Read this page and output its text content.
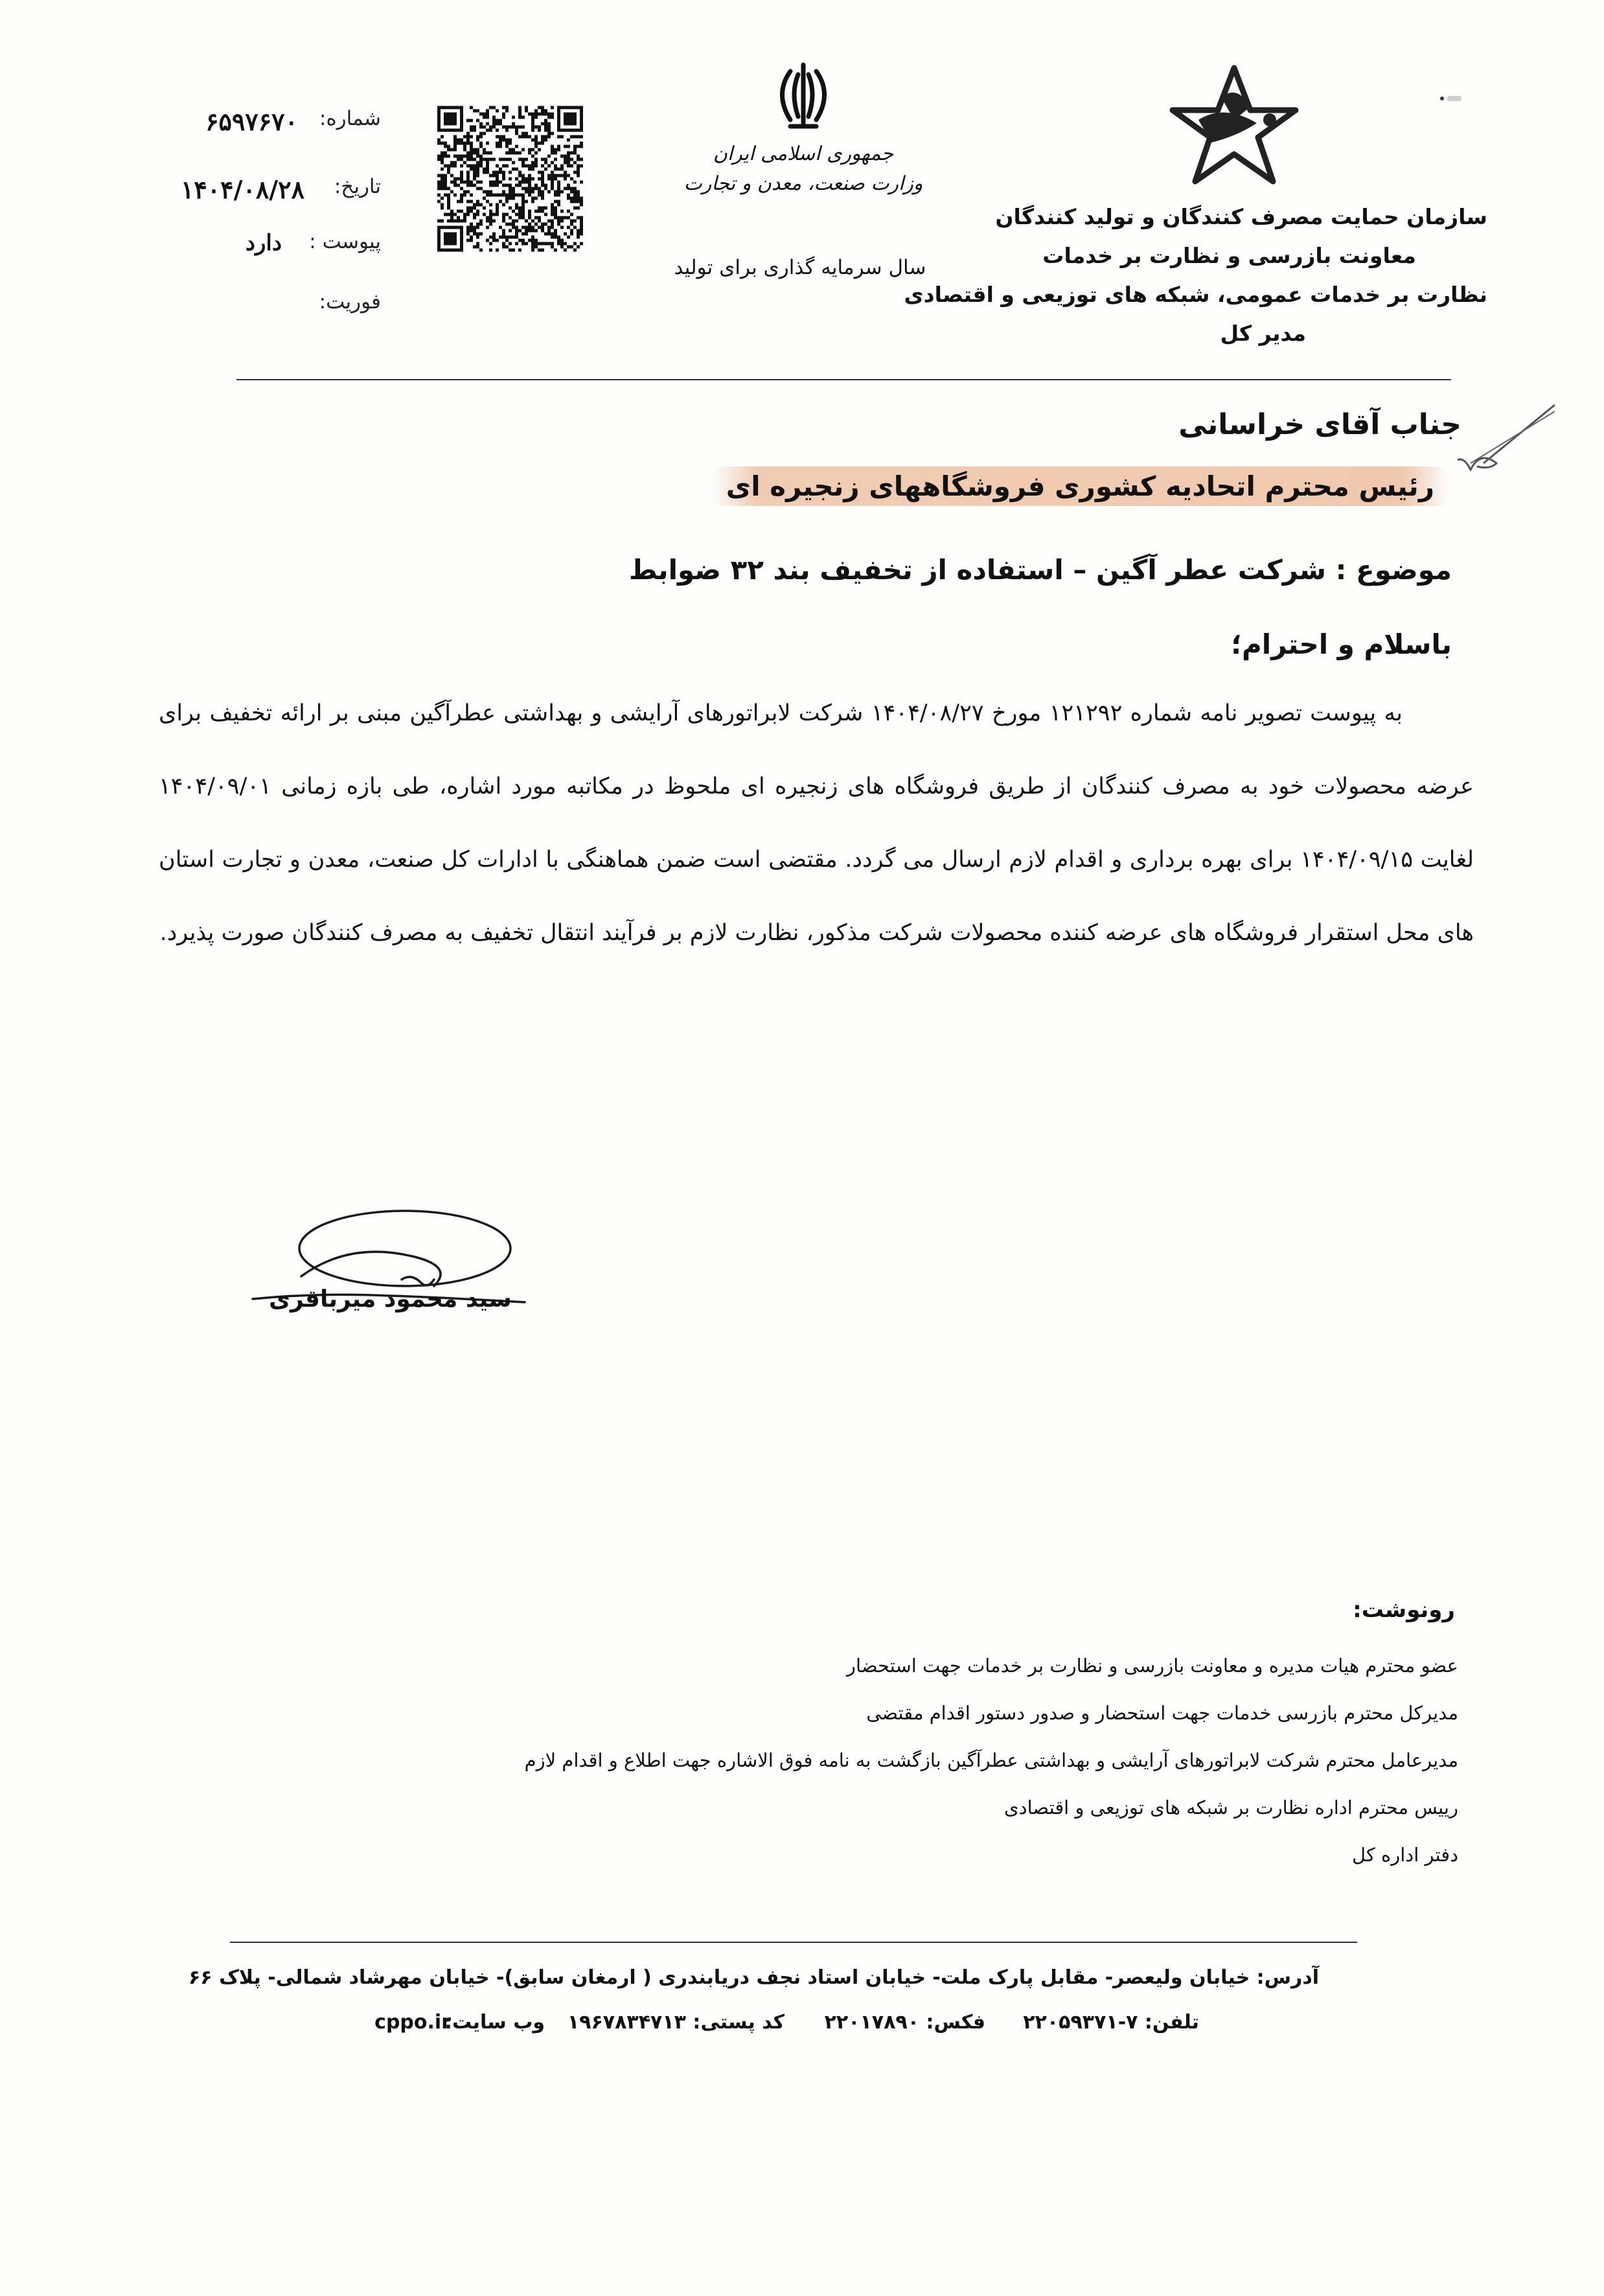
سازمان حمایت مصرف کنندگان و تولید کنندگان
معاونت بازرسی و نظارت بر خدمات
نظارت بر خدمات عمومی، شبکه های توزیعی و اقتصادی
مدیر کل
جمهوری اسلامی ایران
وزارت صنعت، معدن و تجارت
سال سرمایه گذاری برای تولید
شماره:
۶۵۹۷۶۷۰
تاریخ:
۱۴۰۴/۰۸/۲۸
پیوست :
دارد
فوریت:
جناب آقای خراسانی
رئیس محترم اتحادیه کشوری فروشگاههای زنجیره ای
موضوع : شرکت عطر آگین – استفاده از تخفیف بند ۳۲ ضوابط
باسلام و احترام؛

به پیوست تصویر نامه شماره ۱۲۱۲۹۲ مورخ ۱۴۰۴/۰۸/۲۷ شرکت لابراتورهای آرایشی و بهداشتی عطرآگین مبنی بر ارائه تخفیف برای عرضه محصولات خود به مصرف کنندگان از طریق فروشگاه های زنجیره ای ملحوظ در مکاتبه مورد اشاره، طی بازه زمانی ۱۴۰۴/۰۹/۰۱ لغایت ۱۴۰۴/۰۹/۱۵ برای بهره برداری و اقدام لازم ارسال می گردد. مقتضی است ضمن هماهنگی با ادارات کل صنعت، معدن و تجارت استان های محل استقرار فروشگاه های عرضه کننده محصولات شرکت مذکور، نظارت لازم بر فرآیند انتقال تخفیف به مصرف کنندگان صورت پذیرد.

سید محمود میرباقری
رونوشت:
عضو محترم هیات مدیره و معاونت بازرسی و نظارت بر خدمات جهت استحضار
مدیرکل محترم بازرسی خدمات جهت استحضار و صدور دستور اقدام مقتضی
مدیرعامل محترم شرکت لابراتورهای آرایشی و بهداشتی عطرآگین بازگشت به نامه فوق الاشاره جهت اطلاع و اقدام لازم
رییس محترم اداره نظارت بر شبکه های توزیعی و اقتصادی
دفتر اداره کل
آدرس: خیابان ولیعصر- مقابل پارک ملت- خیابان استاد نجف دریابندری ( ارمغان سابق)- خیابان مهرشاد شمالی- پلاک ۶۶
تلفن: ۷-۲۲۰۵۹۳۷۱
فکس: ۲۲۰۱۷۸۹۰
کد پستی: ۱۹۶۷۸۳۴۷۱۳
وب سایت:
cppo.ir
